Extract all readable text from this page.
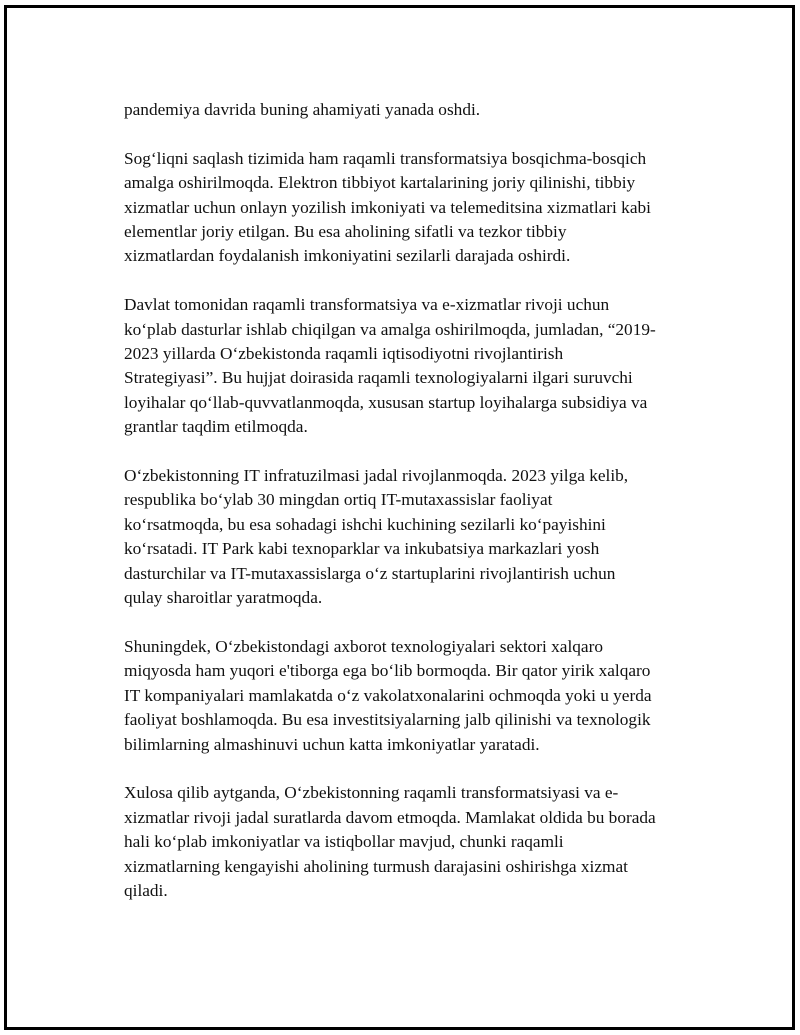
pandemiya davrida buning ahamiyati yanada oshdi.

Sog‘liqni saqlash tizimida ham raqamli transformatsiya bosqichma-bosqich
amalga oshirilmoqda. Elektron tibbiyot kartalarining joriy qilinishi, tibbiy
xizmatlar uchun onlayn yozilish imkoniyati va telemeditsina xizmatlari kabi
elementlar joriy etilgan. Bu esa aholining sifatli va tezkor tibbiy
xizmatlardan foydalanish imkoniyatini sezilarli darajada oshirdi.

Davlat tomonidan raqamli transformatsiya va e-xizmatlar rivoji uchun
ko‘plab dasturlar ishlab chiqilgan va amalga oshirilmoqda, jumladan, “2019-
2023 yillarda O‘zbekistonda raqamli iqtisodiyotni rivojlantirish
Strategiyasi”. Bu hujjat doirasida raqamli texnologiyalarni ilgari suruvchi
loyihalar qo‘llab-quvvatlanmoqda, xususan startup loyihalarga subsidiya va
grantlar taqdim etilmoqda.

O‘zbekistonning IT infratuzilmasi jadal rivojlanmoqda. 2023 yilga kelib,
respublika bo‘ylab 30 mingdan ortiq IT-mutaxassislar faoliyat
ko‘rsatmoqda, bu esa sohadagi ishchi kuchining sezilarli ko‘payishini
ko‘rsatadi. IT Park kabi texnoparklar va inkubatsiya markazlari yosh
dasturchilar va IT-mutaxassislarga o‘z startuplarini rivojlantirish uchun
qulay sharoitlar yaratmoqda.

Shuningdek, O‘zbekistondagi axborot texnologiyalari sektori xalqaro
miqyosda ham yuqori e'tiborga ega bo‘lib bormoqda. Bir qator yirik xalqaro
IT kompaniyalari mamlakatda o‘z vakolatxonalarini ochmoqda yoki u yerda
faoliyat boshlamoqda. Bu esa investitsiyalarning jalb qilinishi va texnologik
bilimlarning almashinuvi uchun katta imkoniyatlar yaratadi.

Xulosa qilib aytganda, O‘zbekistonning raqamli transformatsiyasi va e-
xizmatlar rivoji jadal suratlarda davom etmoqda. Mamlakat oldida bu borada
hali ko‘plab imkoniyatlar va istiqbollar mavjud, chunki raqamli
xizmatlarning kengayishi aholining turmush darajasini oshirishga xizmat
qiladi.
